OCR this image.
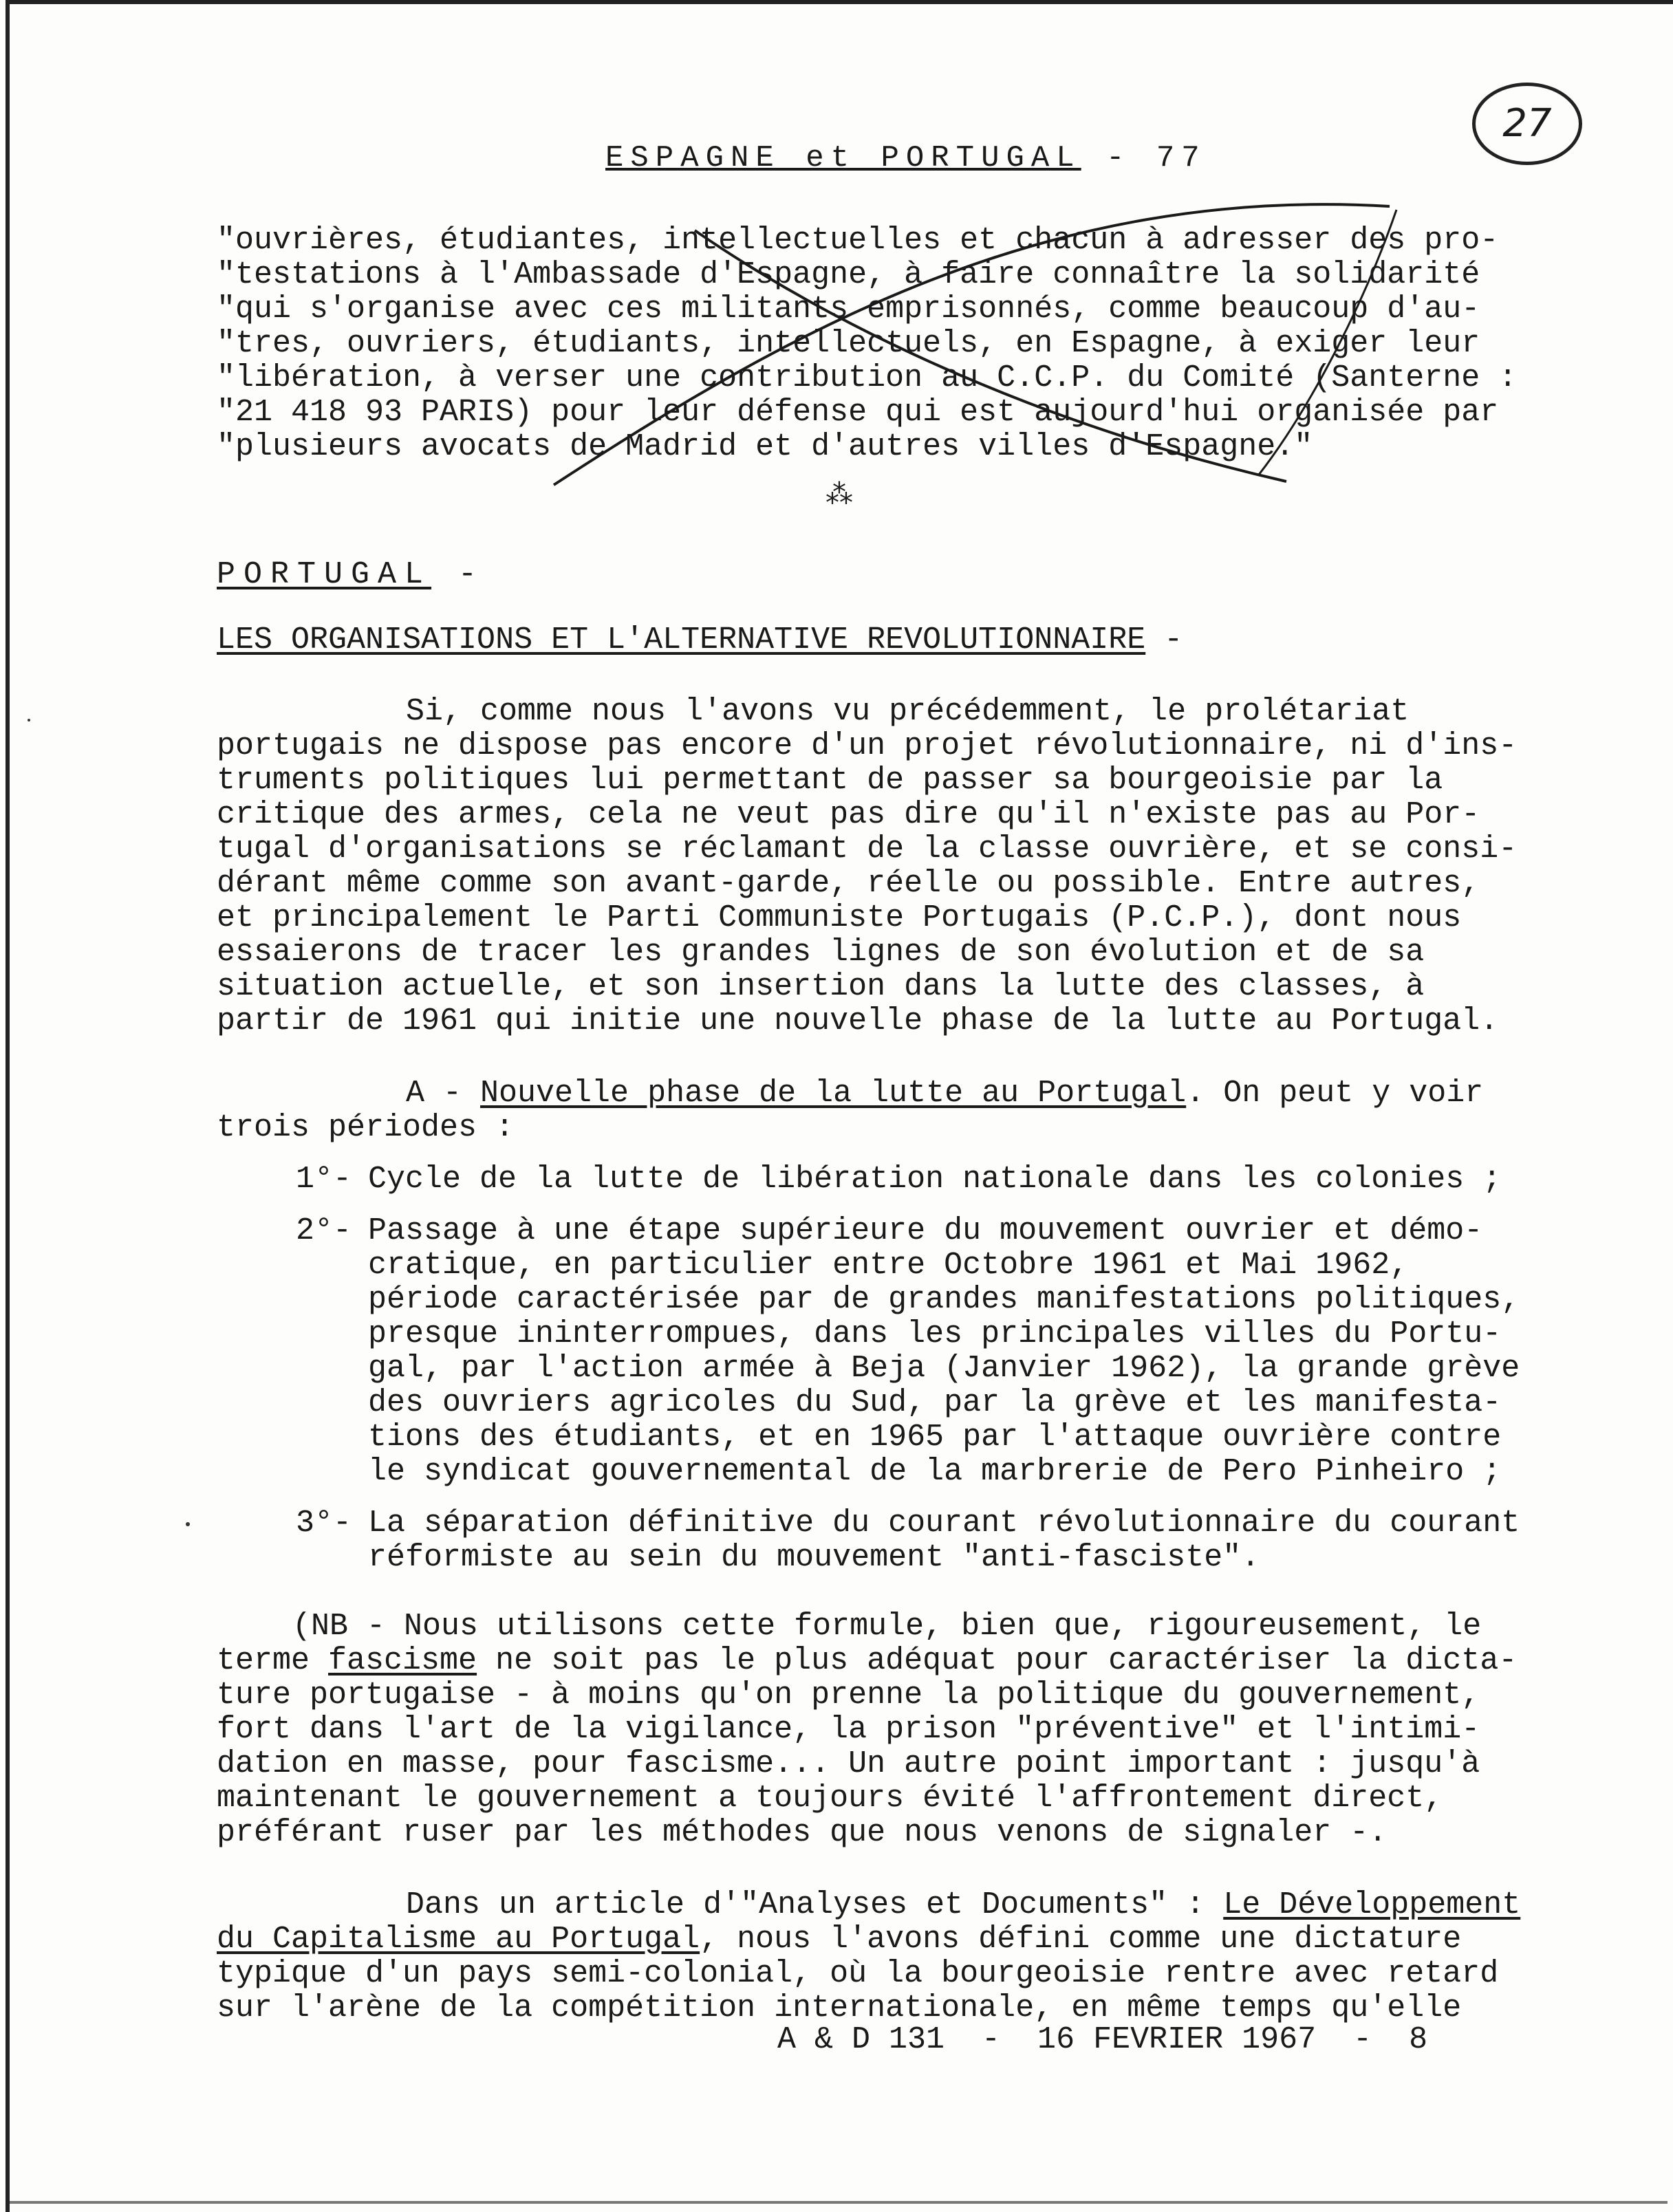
27
ESPAGNE et PORTUGAL - 77
"ouvrières, étudiantes, intellectuelles et chacun à adresser des pro-
"testations à l'Ambassade d'Espagne, à faire connaître la solidarité
"qui s'organise avec ces militants emprisonnés, comme beaucoup d'au-
"tres, ouvriers, étudiants, intellectuels, en Espagne, à exiger leur
"libération, à verser une contribution au C.C.P. du Comité (Santerne :
"21 418 93 PARIS) pour leur défense qui est aujourd'hui organisée par
"plusieurs avocats de Madrid et d'autres villes d'Espagne."
⁂
PORTUGAL -
LES ORGANISATIONS ET L'ALTERNATIVE REVOLUTIONNAIRE -
Si, comme nous l'avons vu précédemment, le prolétariat
portugais ne dispose pas encore d'un projet révolutionnaire, ni d'ins-
truments politiques lui permettant de passer sa bourgeoisie par la
critique des armes, cela ne veut pas dire qu'il n'existe pas au Por-
tugal d'organisations se réclamant de la classe ouvrière, et se consi-
dérant même comme son avant-garde, réelle ou possible. Entre autres,
et principalement le Parti Communiste Portugais (P.C.P.), dont nous
essaierons de tracer les grandes lignes de son évolution et de sa
situation actuelle, et son insertion dans la lutte des classes, à
partir de 1961 qui initie une nouvelle phase de la lutte au Portugal.
A - Nouvelle phase de la lutte au Portugal. On peut y voir
trois périodes :
1°- Cycle de la lutte de libération nationale dans les colonies ;
2°- Passage à une étape supérieure du mouvement ouvrier et démo-
cratique, en particulier entre Octobre 1961 et Mai 1962,
période caractérisée par de grandes manifestations politiques,
presque ininterrompues, dans les principales villes du Portu-
gal, par l'action armée à Beja (Janvier 1962), la grande grève
des ouvriers agricoles du Sud, par la grève et les manifesta-
tions des étudiants, et en 1965 par l'attaque ouvrière contre
le syndicat gouvernemental de la marbrerie de Pero Pinheiro ;
3°- La séparation définitive du courant révolutionnaire du courant
réformiste au sein du mouvement "anti-fasciste".
(NB - Nous utilisons cette formule, bien que, rigoureusement, le
terme fascisme ne soit pas le plus adéquat pour caractériser la dicta-
ture portugaise - à moins qu'on prenne la politique du gouvernement,
fort dans l'art de la vigilance, la prison "préventive" et l'intimi-
dation en masse, pour fascisme... Un autre point important : jusqu'à
maintenant le gouvernement a toujours évité l'affrontement direct,
préférant ruser par les méthodes que nous venons de signaler -.
Dans un article d'"Analyses et Documents" : Le Développement
du Capitalisme au Portugal, nous l'avons défini comme une dictature
typique d'un pays semi-colonial, où la bourgeoisie rentre avec retard
sur l'arène de la compétition internationale, en même temps qu'elle
A & D 131  -  16 FEVRIER 1967  -  8
